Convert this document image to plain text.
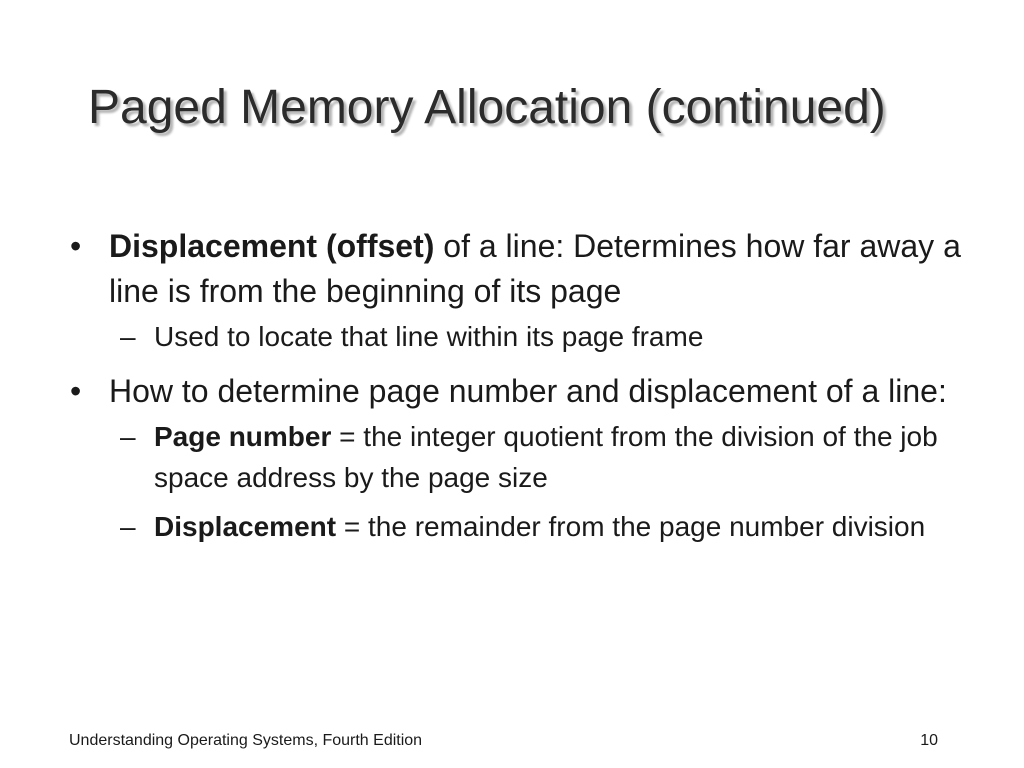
Paged Memory Allocation (continued)
• Displacement (offset) of a line: Determines how far away a line is from the beginning of its page
– Used to locate that line within its page frame
• How to determine page number and displacement of a line:
– Page number = the integer quotient from the division of the job space address by the page size
– Displacement = the remainder from the page number division
Understanding Operating Systems, Fourth Edition	10
